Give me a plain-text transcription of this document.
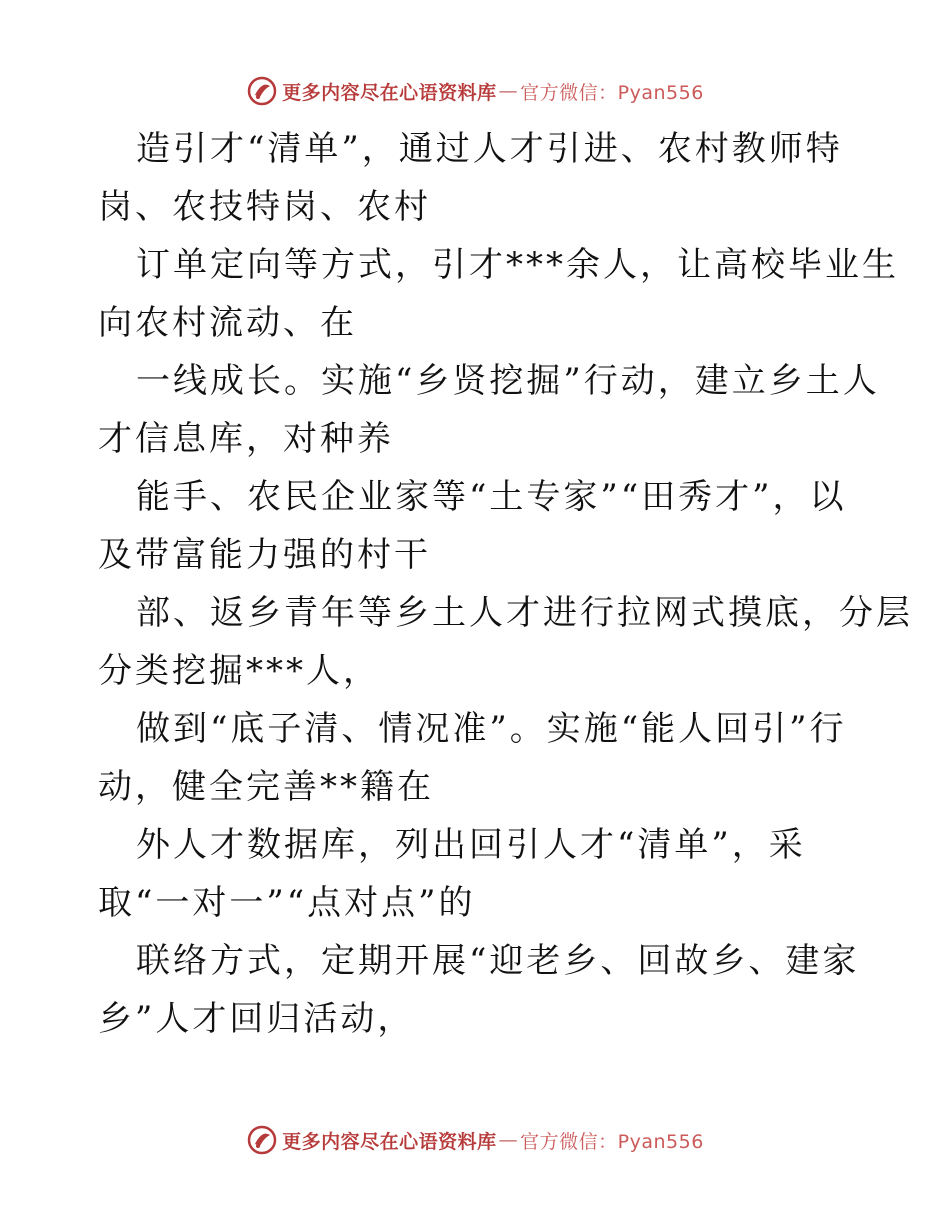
更多内容尽在心语资料库 — 官方微信：Pyan556
造引才“清单”，通过人才引进、农村教师特
岗、农技特岗、农村
订单定向等方式，引才***余人，让高校毕业生
向农村流动、在
一线成长。实施“乡贤挖掘”行动，建立乡土人
才信息库，对种养
能手、农民企业家等“土专家”“田秀才”，以
及带富能力强的村干
部、返乡青年等乡土人才进行拉网式摸底，分层
分类挖掘***人，
做到“底子清、情况准”。实施“能人回引”行
动，健全完善**籍在
外人才数据库，列出回引人才“清单”，采
取“一对一”“点对点”的
联络方式，定期开展“迎老乡、回故乡、建家
乡”人才回归活动，
更多内容尽在心语资料库 — 官方微信：Pyan556
